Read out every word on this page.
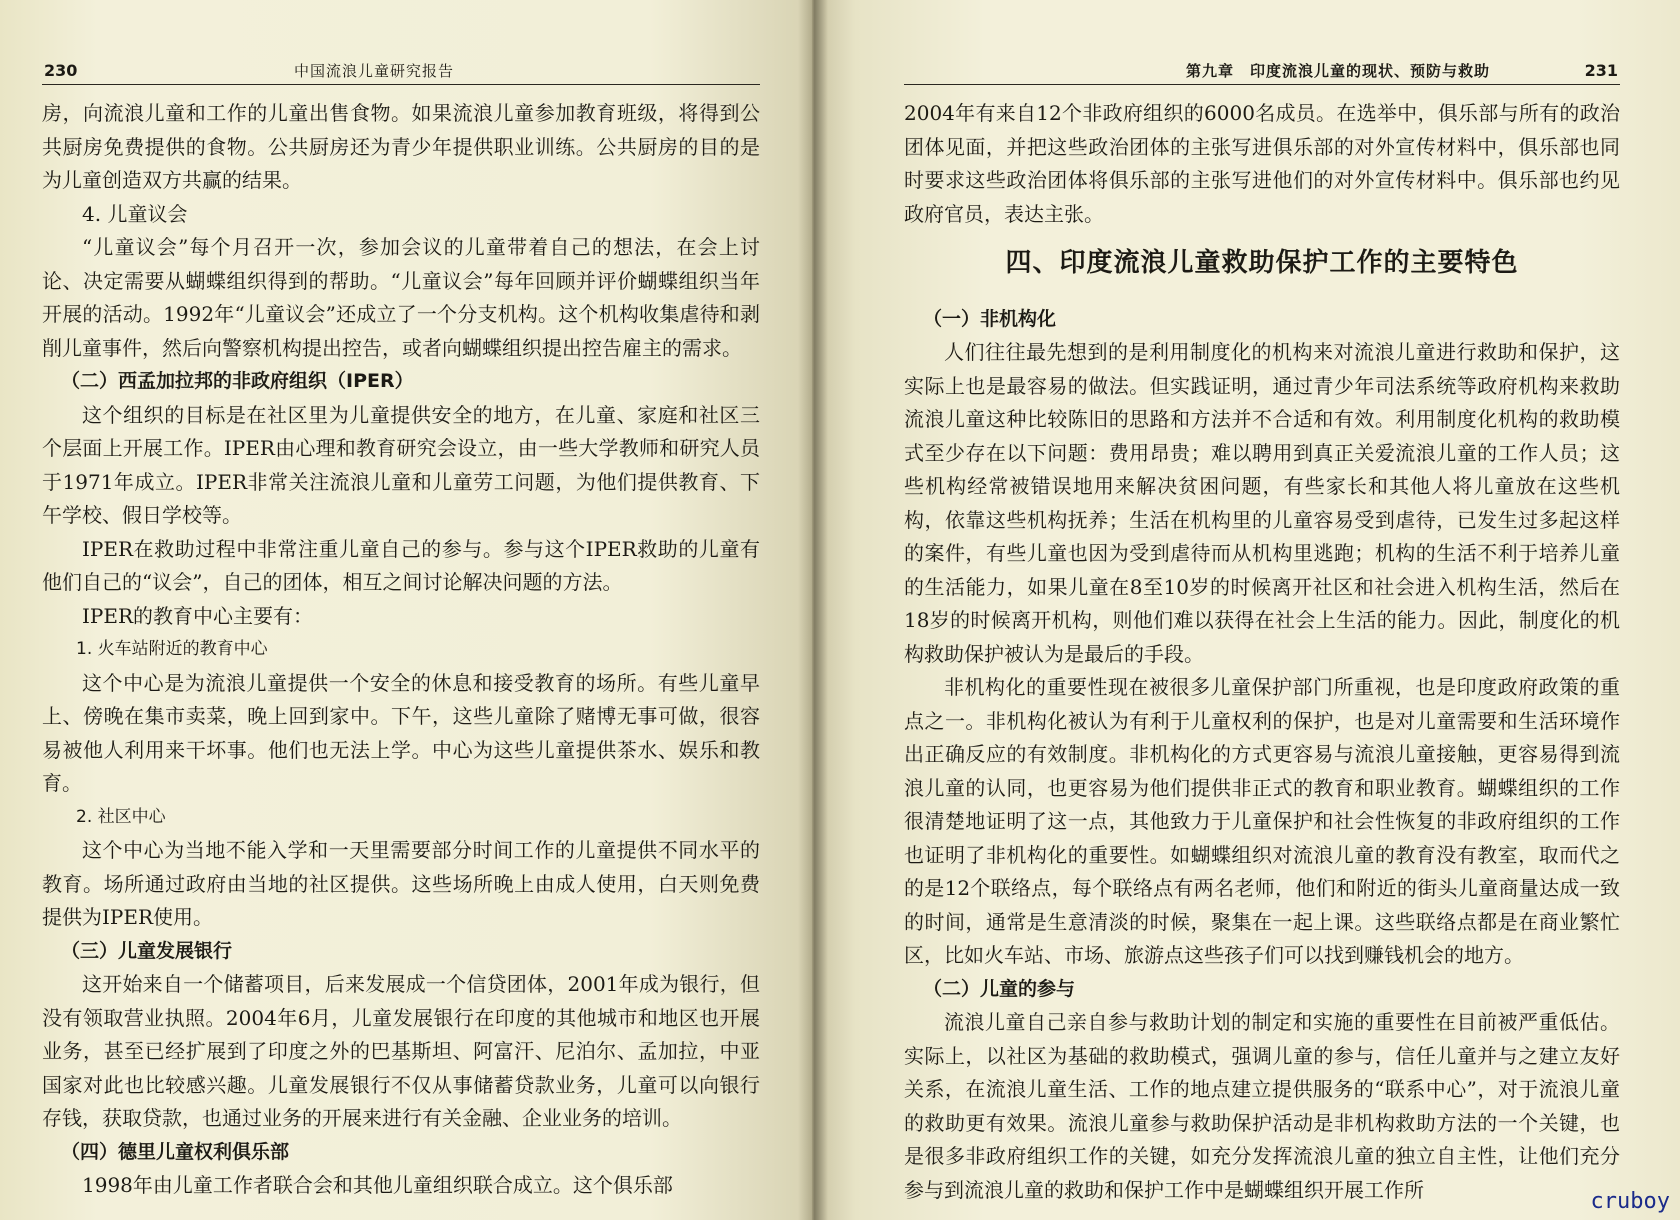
230	中国流浪儿童研究报告

房，向流浪儿童和工作的儿童出售食物。如果流浪儿童参加教育班级，将得到公共厨房免费提供的食物。公共厨房还为青少年提供职业训练。公共厨房的目的是为儿童创造双方共赢的结果。

4. 儿童议会

“儿童议会”每个月召开一次，参加会议的儿童带着自己的想法，在会上讨论、决定需要从蝴蝶组织得到的帮助。“儿童议会”每年回顾并评价蝴蝶组织当年开展的活动。1992年“儿童议会”还成立了一个分支机构。这个机构收集虐待和剥削儿童事件，然后向警察机构提出控告，或者向蝴蝶组织提出控告雇主的需求。

（二）西孟加拉邦的非政府组织（IPER）

这个组织的目标是在社区里为儿童提供安全的地方，在儿童、家庭和社区三个层面上开展工作。IPER由心理和教育研究会设立，由一些大学教师和研究人员于1971年成立。IPER非常关注流浪儿童和儿童劳工问题，为他们提供教育、下午学校、假日学校等。

IPER在救助过程中非常注重儿童自己的参与。参与这个IPER救助的儿童有他们自己的“议会”，自己的团体，相互之间讨论解决问题的方法。

IPER的教育中心主要有：

1. 火车站附近的教育中心

这个中心是为流浪儿童提供一个安全的休息和接受教育的场所。有些儿童早上、傍晚在集市卖菜，晚上回到家中。下午，这些儿童除了赌博无事可做，很容易被他人利用来干坏事。他们也无法上学。中心为这些儿童提供茶水、娱乐和教育。

2. 社区中心

这个中心为当地不能入学和一天里需要部分时间工作的儿童提供不同水平的教育。场所通过政府由当地的社区提供。这些场所晚上由成人使用，白天则免费提供为IPER使用。

（三）儿童发展银行

这开始来自一个储蓄项目，后来发展成一个信贷团体，2001年成为银行，但没有领取营业执照。2004年6月，儿童发展银行在印度的其他城市和地区也开展业务，甚至已经扩展到了印度之外的巴基斯坦、阿富汗、尼泊尔、孟加拉，中亚国家对此也比较感兴趣。儿童发展银行不仅从事储蓄贷款业务，儿童可以向银行存钱，获取贷款，也通过业务的开展来进行有关金融、企业业务的培训。

（四）德里儿童权利俱乐部

1998年由儿童工作者联合会和其他儿童组织联合成立。这个俱乐部

第九章　印度流浪儿童的现状、预防与救助	231

2004年有来自12个非政府组织的6000名成员。在选举中，俱乐部与所有的政治团体见面，并把这些政治团体的主张写进俱乐部的对外宣传材料中，俱乐部也同时要求这些政治团体将俱乐部的主张写进他们的对外宣传材料中。俱乐部也约见政府官员，表达主张。

四、印度流浪儿童救助保护工作的主要特色

（一）非机构化

人们往往最先想到的是利用制度化的机构来对流浪儿童进行救助和保护，这实际上也是最容易的做法。但实践证明，通过青少年司法系统等政府机构来救助流浪儿童这种比较陈旧的思路和方法并不合适和有效。利用制度化机构的救助模式至少存在以下问题：费用昂贵；难以聘用到真正关爱流浪儿童的工作人员；这些机构经常被错误地用来解决贫困问题，有些家长和其他人将儿童放在这些机构，依靠这些机构抚养；生活在机构里的儿童容易受到虐待，已发生过多起这样的案件，有些儿童也因为受到虐待而从机构里逃跑；机构的生活不利于培养儿童的生活能力，如果儿童在8至10岁的时候离开社区和社会进入机构生活，然后在18岁的时候离开机构，则他们难以获得在社会上生活的能力。因此，制度化的机构救助保护被认为是最后的手段。

非机构化的重要性现在被很多儿童保护部门所重视，也是印度政府政策的重点之一。非机构化被认为有利于儿童权利的保护，也是对儿童需要和生活环境作出正确反应的有效制度。非机构化的方式更容易与流浪儿童接触，更容易得到流浪儿童的认同，也更容易为他们提供非正式的教育和职业教育。蝴蝶组织的工作很清楚地证明了这一点，其他致力于儿童保护和社会性恢复的非政府组织的工作也证明了非机构化的重要性。如蝴蝶组织对流浪儿童的教育没有教室，取而代之的是12个联络点，每个联络点有两名老师，他们和附近的街头儿童商量达成一致的时间，通常是生意清淡的时候，聚集在一起上课。这些联络点都是在商业繁忙区，比如火车站、市场、旅游点这些孩子们可以找到赚钱机会的地方。

（二）儿童的参与

流浪儿童自己亲自参与救助计划的制定和实施的重要性在目前被严重低估。实际上，以社区为基础的救助模式，强调儿童的参与，信任儿童并与之建立友好关系，在流浪儿童生活、工作的地点建立提供服务的“联系中心”，对于流浪儿童的救助更有效果。流浪儿童参与救助保护活动是非机构救助方法的一个关键，也是很多非政府组织工作的关键，如充分发挥流浪儿童的独立自主性，让他们充分参与到流浪儿童的救助和保护工作中是蝴蝶组织开展工作所	cruboy
